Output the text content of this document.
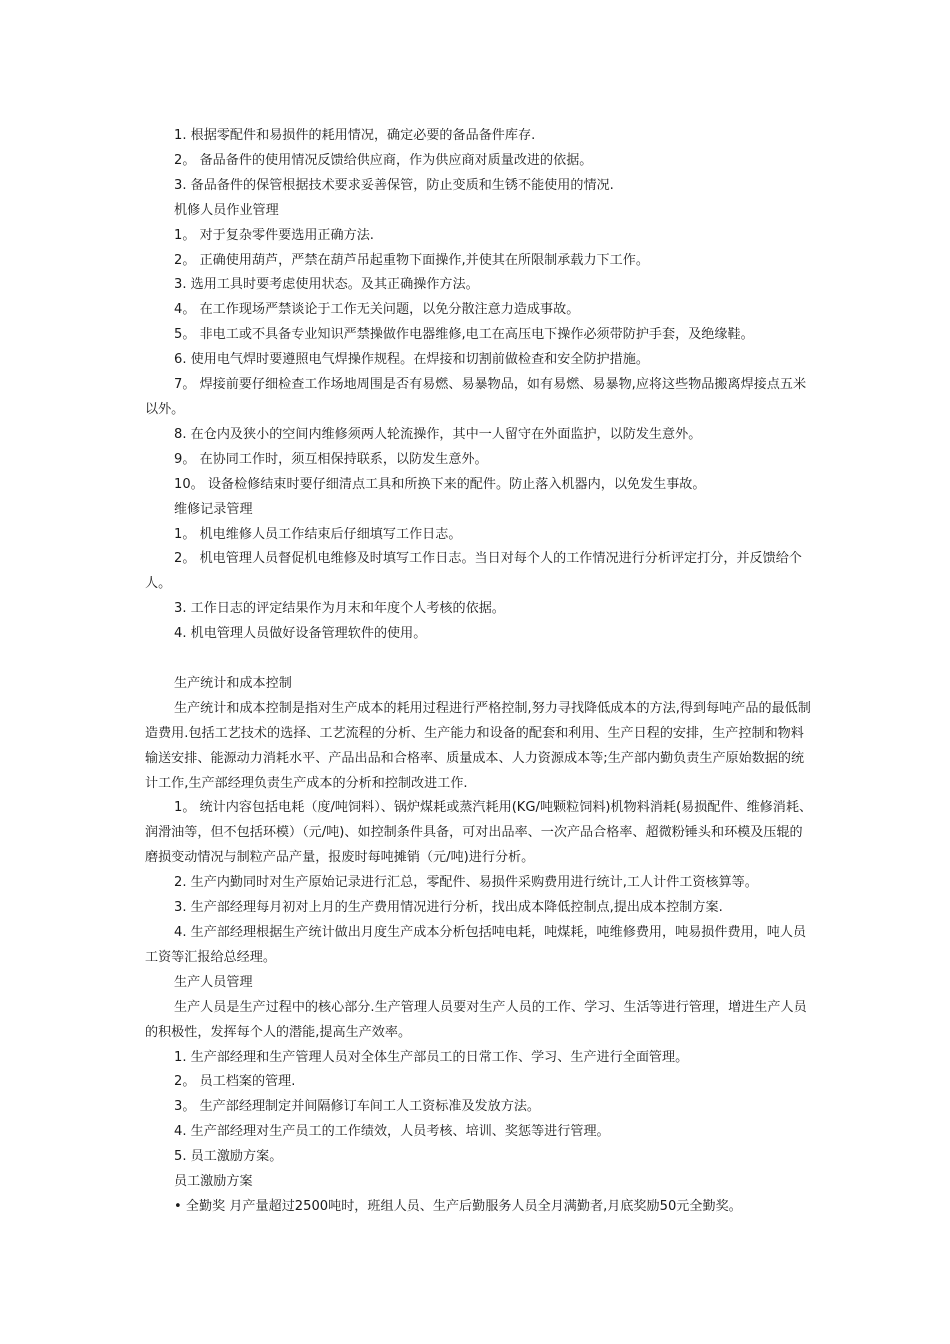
1. 根据零配件和易损件的耗用情况，确定必要的备品备件库存.

2。 备品备件的使用情况反馈给供应商，作为供应商对质量改进的依据。

3. 备品备件的保管根据技术要求妥善保管，防止变质和生锈不能使用的情况.

机修人员作业管理

1。 对于复杂零件要选用正确方法.

2。 正确使用葫芦，严禁在葫芦吊起重物下面操作,并使其在所限制承载力下工作。

3. 选用工具时要考虑使用状态。及其正确操作方法。

4。 在工作现场严禁谈论于工作无关问题，以免分散注意力造成事故。

5。 非电工或不具备专业知识严禁操做作电器维修,电工在高压电下操作必须带防护手套，及绝缘鞋。

6. 使用电气焊时要遵照电气焊操作规程。在焊接和切割前做检查和安全防护措施。

7。 焊接前要仔细检查工作场地周围是否有易燃、易暴物品，如有易燃、易暴物,应将这些物品搬离焊接点五米以外。

8. 在仓内及狭小的空间内维修须两人轮流操作，其中一人留守在外面监护，以防发生意外。

9。 在协同工作时，须互相保持联系，以防发生意外。

10。 设备检修结束时要仔细清点工具和所换下来的配件。防止落入机器内，以免发生事故。

维修记录管理

1。 机电维修人员工作结束后仔细填写工作日志。

2。 机电管理人员督促机电维修及时填写工作日志。当日对每个人的工作情况进行分析评定打分，并反馈给个人。

3. 工作日志的评定结果作为月末和年度个人考核的依据。

4. 机电管理人员做好设备管理软件的使用。

生产统计和成本控制

生产统计和成本控制是指对生产成本的耗用过程进行严格控制,努力寻找降低成本的方法,得到每吨产品的最低制造费用.包括工艺技术的选择、工艺流程的分析、生产能力和设备的配套和利用、生产日程的安排，生产控制和物料输送安排、能源动力消耗水平、产品出品和合格率、质量成本、人力资源成本等;生产部内勤负责生产原始数据的统计工作,生产部经理负责生产成本的分析和控制改进工作.

1。 统计内容包括电耗（度/吨饲料）、锅炉煤耗或蒸汽耗用(KG/吨颗粒饲料)机物料消耗(易损配件、维修消耗、润滑油等，但不包括环模）（元/吨)、如控制条件具备，可对出品率、一次产品合格率、超微粉锤头和环模及压辊的磨损变动情况与制粒产品产量，报废时每吨摊销（元/吨)进行分析。

2. 生产内勤同时对生产原始记录进行汇总，零配件、易损件采购费用进行统计,工人计件工资核算等。

3. 生产部经理每月初对上月的生产费用情况进行分析，找出成本降低控制点,提出成本控制方案.

4. 生产部经理根据生产统计做出月度生产成本分析包括吨电耗，吨煤耗，吨维修费用，吨易损件费用，吨人员工资等汇报给总经理。

生产人员管理

生产人员是生产过程中的核心部分.生产管理人员要对生产人员的工作、学习、生活等进行管理，增进生产人员的积极性，发挥每个人的潜能,提高生产效率。

1. 生产部经理和生产管理人员对全体生产部员工的日常工作、学习、生产进行全面管理。

2。 员工档案的管理.

3。 生产部经理制定并间隔修订车间工人工资标准及发放方法。

4. 生产部经理对生产员工的工作绩效，人员考核、培训、奖惩等进行管理。

5. 员工激励方案。

员工激励方案

• 全勤奖 月产量超过2500吨时，班组人员、生产后勤服务人员全月满勤者,月底奖励50元全勤奖。
